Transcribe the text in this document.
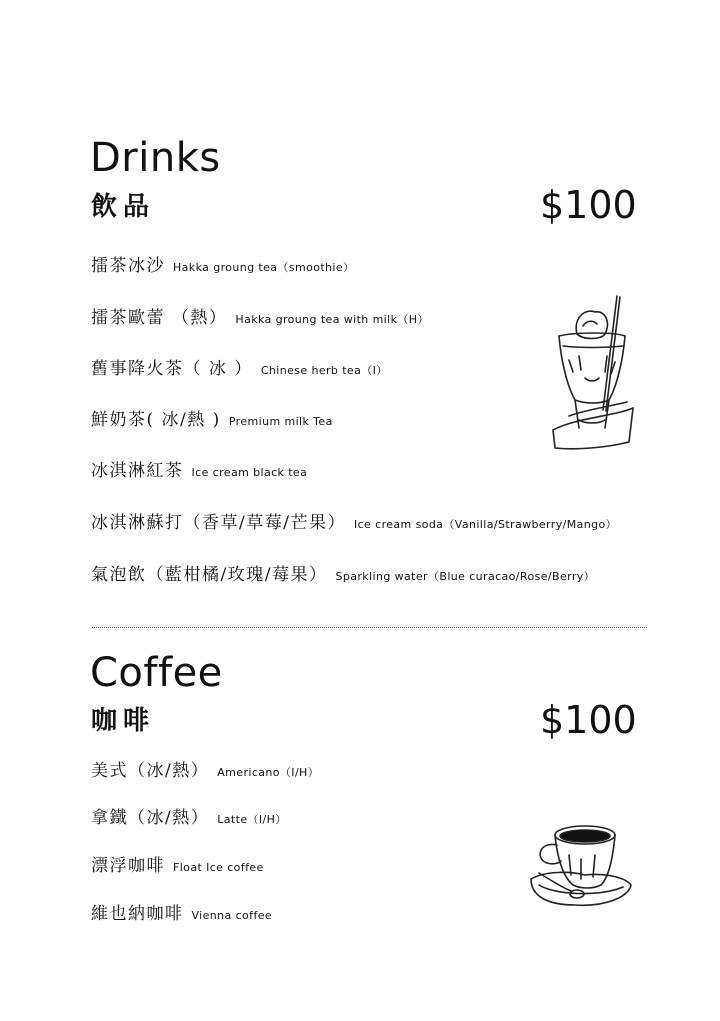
Drinks
飲品	$100
擂茶冰沙 Hakka groung tea（smoothie）
擂茶歐蕾 （熱） Hakka groung tea with milk（H）
舊事降火茶（ 冰 ） Chinese herb tea（I）
鮮奶茶( 冰/熱 ) Premium milk Tea
冰淇淋紅茶 Ice cream black tea
冰淇淋蘇打（香草/草莓/芒果） Ice cream soda（Vanilla/Strawberry/Mango）
氣泡飲（藍柑橘/玫瑰/莓果） Sparkling water（Blue curacao/Rose/Berry）
Coffee
咖啡	$100
美式（冰/熱） Americano（I/H）
拿鐵（冰/熱） Latte（I/H）
漂浮咖啡 Float Ice coffee
維也納咖啡 Vienna coffee
